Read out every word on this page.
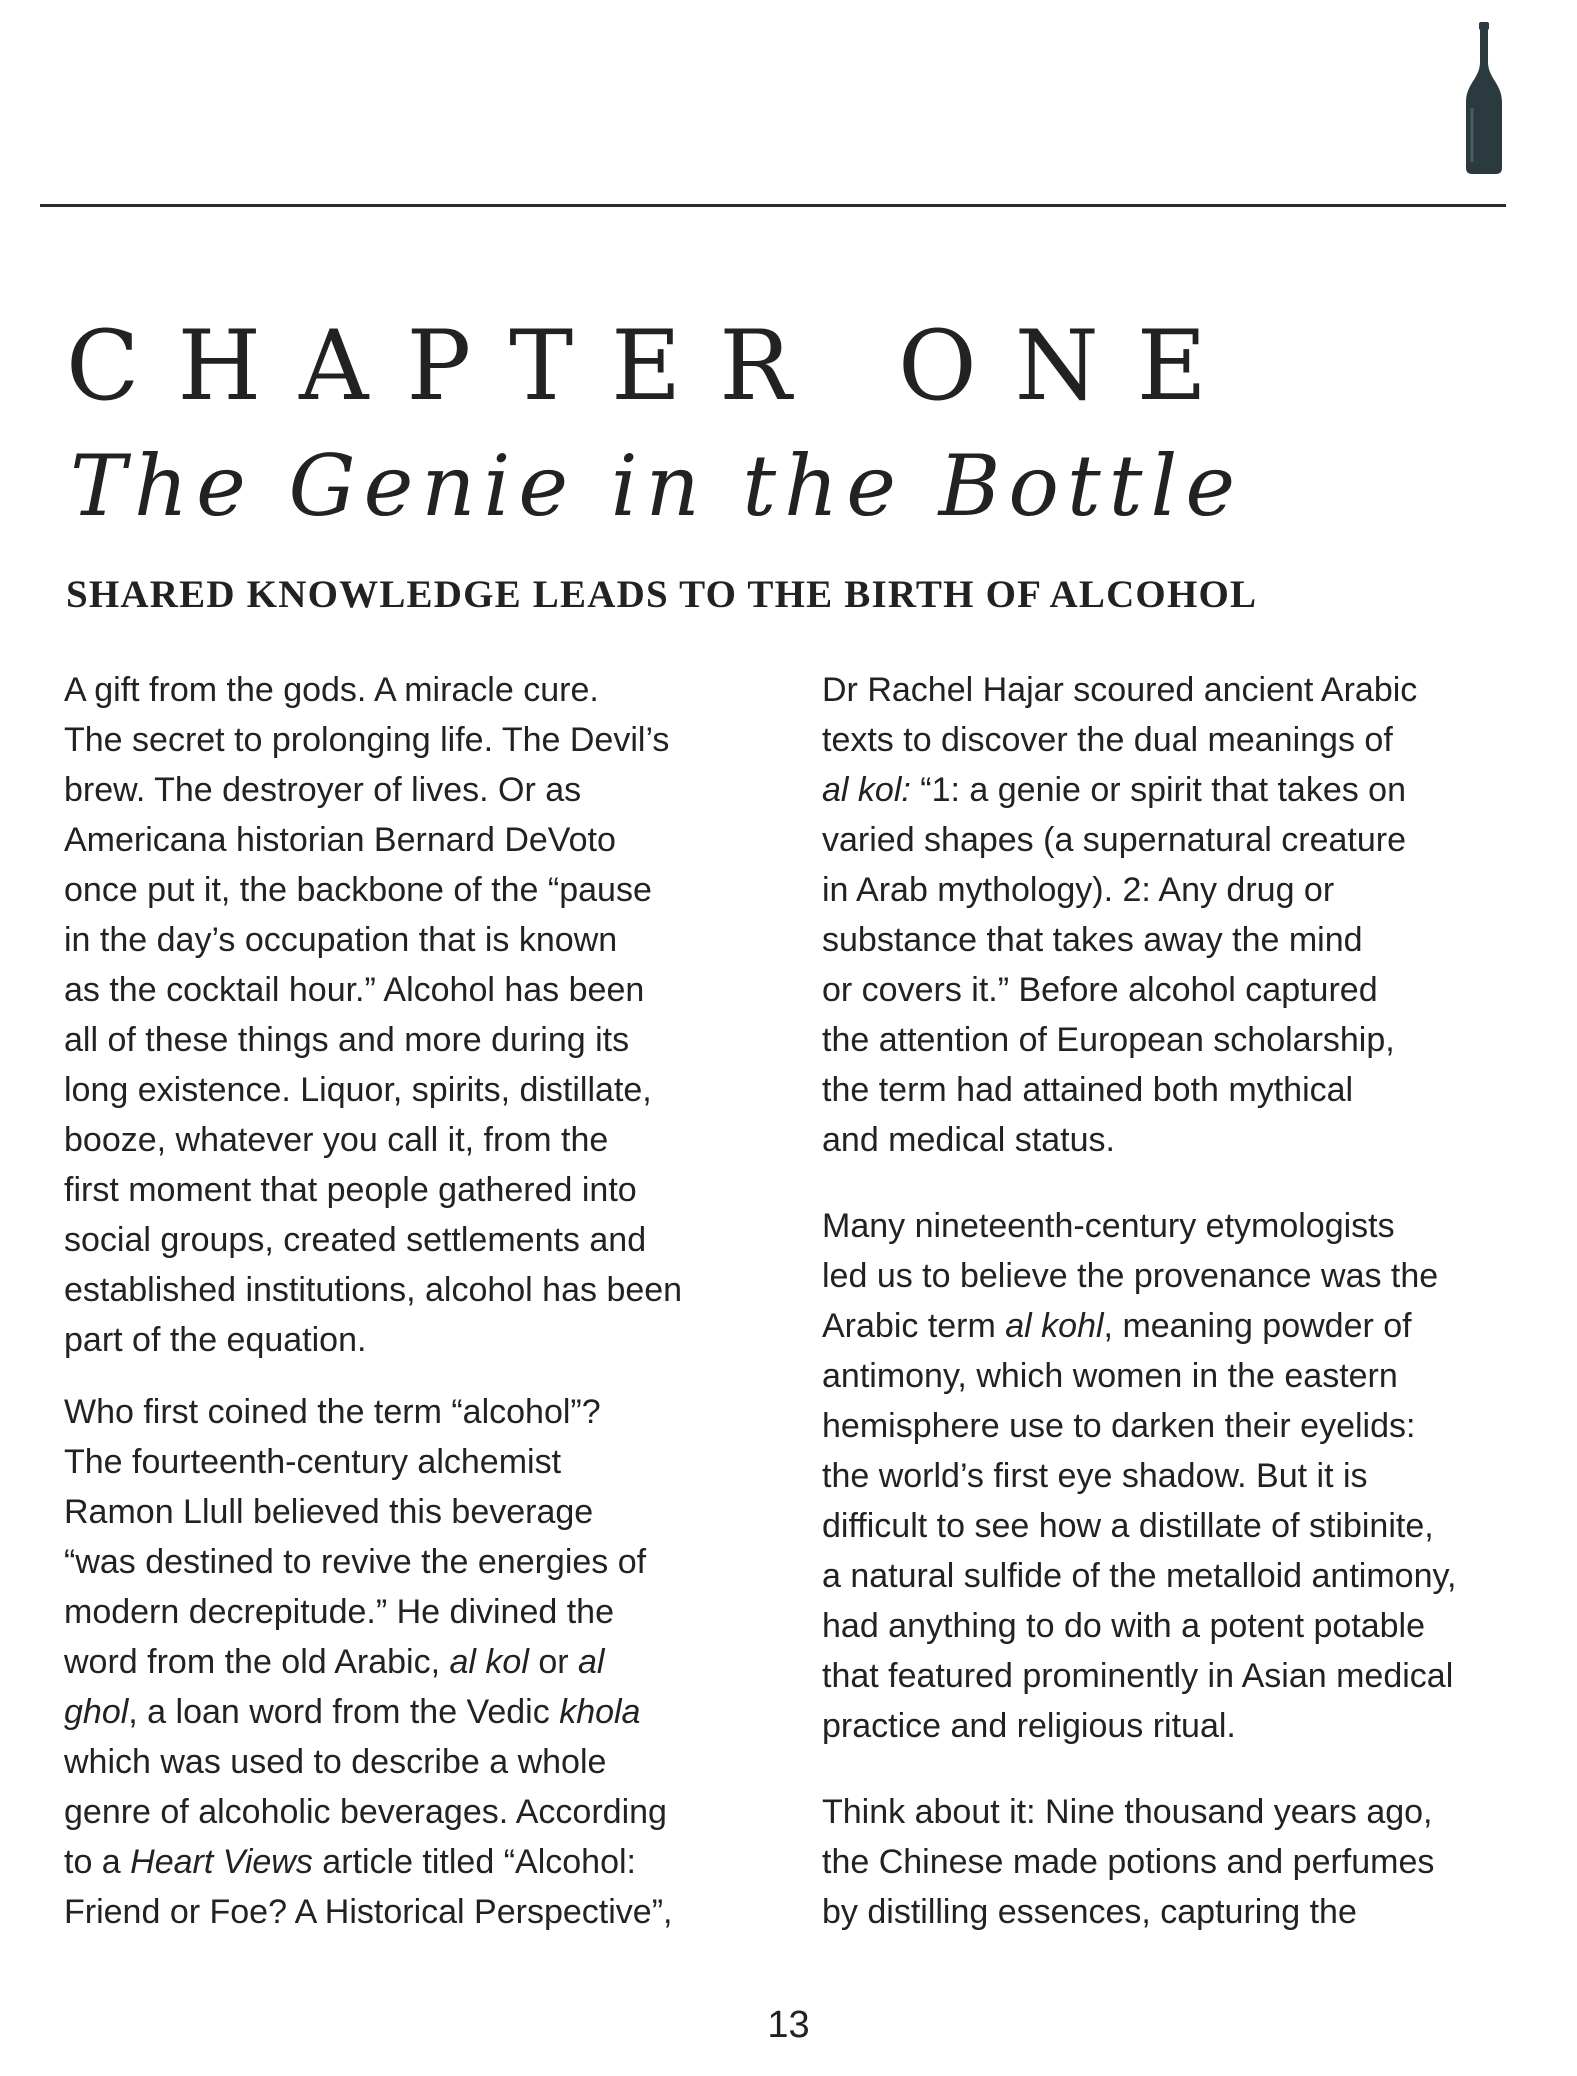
CHAPTER ONE
The Genie in the Bottle
SHARED KNOWLEDGE LEADS TO THE BIRTH OF ALCOHOL

A gift from the gods. A miracle cure.
The secret to prolonging life. The Devil’s
brew. The destroyer of lives. Or as
Americana historian Bernard DeVoto
once put it, the backbone of the “pause
in the day’s occupation that is known
as the cocktail hour.” Alcohol has been
all of these things and more during its
long existence. Liquor, spirits, distillate,
booze, whatever you call it, from the
first moment that people gathered into
social groups, created settlements and
established institutions, alcohol has been
part of the equation.

Who first coined the term “alcohol”?
The fourteenth-century alchemist
Ramon Llull believed this beverage
“was destined to revive the energies of
modern decrepitude.” He divined the
word from the old Arabic, al kol or al
ghol, a loan word from the Vedic khola
which was used to describe a whole
genre of alcoholic beverages. According
to a Heart Views article titled “Alcohol:
Friend or Foe? A Historical Perspective”,

Dr Rachel Hajar scoured ancient Arabic
texts to discover the dual meanings of
al kol: “1: a genie or spirit that takes on
varied shapes (a supernatural creature
in Arab mythology). 2: Any drug or
substance that takes away the mind
or covers it.” Before alcohol captured
the attention of European scholarship,
the term had attained both mythical
and medical status.

Many nineteenth-century etymologists
led us to believe the provenance was the
Arabic term al kohl, meaning powder of
antimony, which women in the eastern
hemisphere use to darken their eyelids:
the world’s first eye shadow. But it is
difficult to see how a distillate of stibinite,
a natural sulfide of the metalloid antimony,
had anything to do with a potent potable
that featured prominently in Asian medical
practice and religious ritual.

Think about it: Nine thousand years ago,
the Chinese made potions and perfumes
by distilling essences, capturing the

13
